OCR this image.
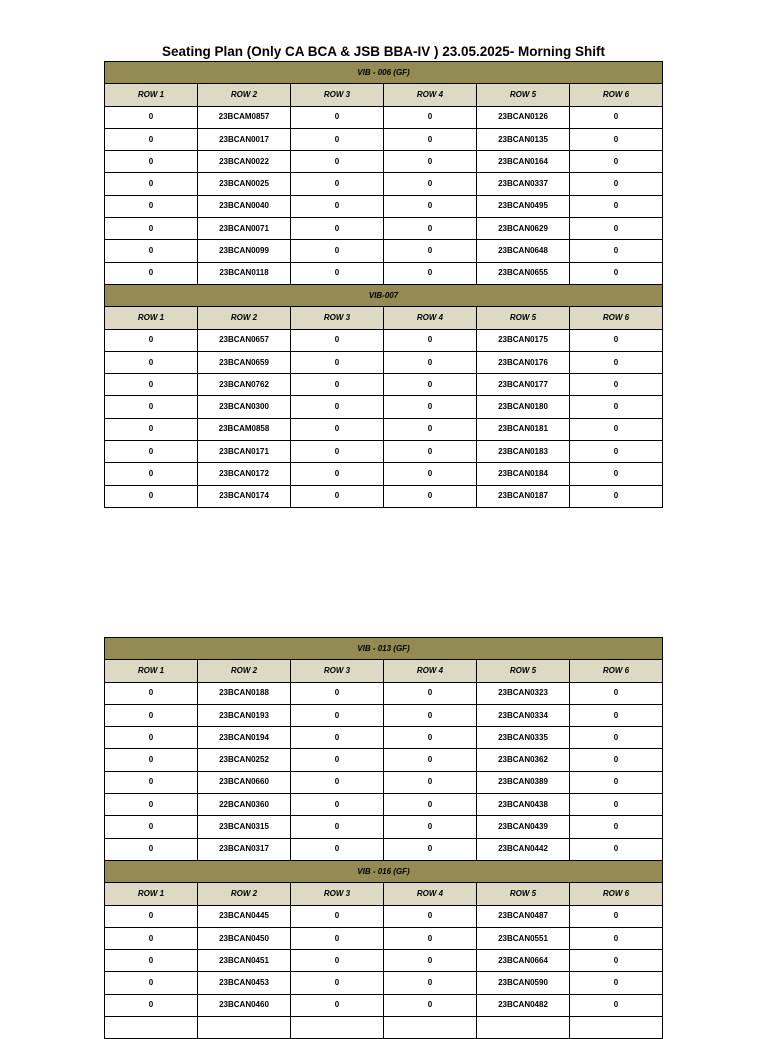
Seating Plan (Only CA BCA & JSB BBA-IV ) 23.05.2025- Morning Shift
VIB - 006 (GF)					
ROW 1	ROW 2	ROW 3	ROW 4	ROW 5	ROW 6
0	23BCAM0857	0	0	23BCAN0126	0
0	23BCAN0017	0	0	23BCAN0135	0
0	23BCAN0022	0	0	23BCAN0164	0
0	23BCAN0025	0	0	23BCAN0337	0
0	23BCAN0040	0	0	23BCAN0495	0
0	23BCAN0071	0	0	23BCAN0629	0
0	23BCAN0099	0	0	23BCAN0648	0
0	23BCAN0118	0	0	23BCAN0655	0
VIB-007					
ROW 1	ROW 2	ROW 3	ROW 4	ROW 5	ROW 6
0	23BCAN0657	0	0	23BCAN0175	0
0	23BCAN0659	0	0	23BCAN0176	0
0	23BCAN0762	0	0	23BCAN0177	0
0	23BCAN0300	0	0	23BCAN0180	0
0	23BCAM0858	0	0	23BCAN0181	0
0	23BCAN0171	0	0	23BCAN0183	0
0	23BCAN0172	0	0	23BCAN0184	0
0	23BCAN0174	0	0	23BCAN0187	0
VIB - 013 (GF)					
ROW 1	ROW 2	ROW 3	ROW 4	ROW 5	ROW 6
0	23BCAN0188	0	0	23BCAN0323	0
0	23BCAN0193	0	0	23BCAN0334	0
0	23BCAN0194	0	0	23BCAN0335	0
0	23BCAN0252	0	0	23BCAN0362	0
0	23BCAN0660	0	0	23BCAN0389	0
0	22BCAN0360	0	0	23BCAN0438	0
0	23BCAN0315	0	0	23BCAN0439	0
0	23BCAN0317	0	0	23BCAN0442	0
VIB - 016 (GF)					
ROW 1	ROW 2	ROW 3	ROW 4	ROW 5	ROW 6
0	23BCAN0445	0	0	23BCAN0487	0
0	23BCAN0450	0	0	23BCAN0551	0
0	23BCAN0451	0	0	23BCAN0664	0
0	23BCAN0453	0	0	23BCAN0590	0
0	23BCAN0460	0	0	23BCAN0482	0
